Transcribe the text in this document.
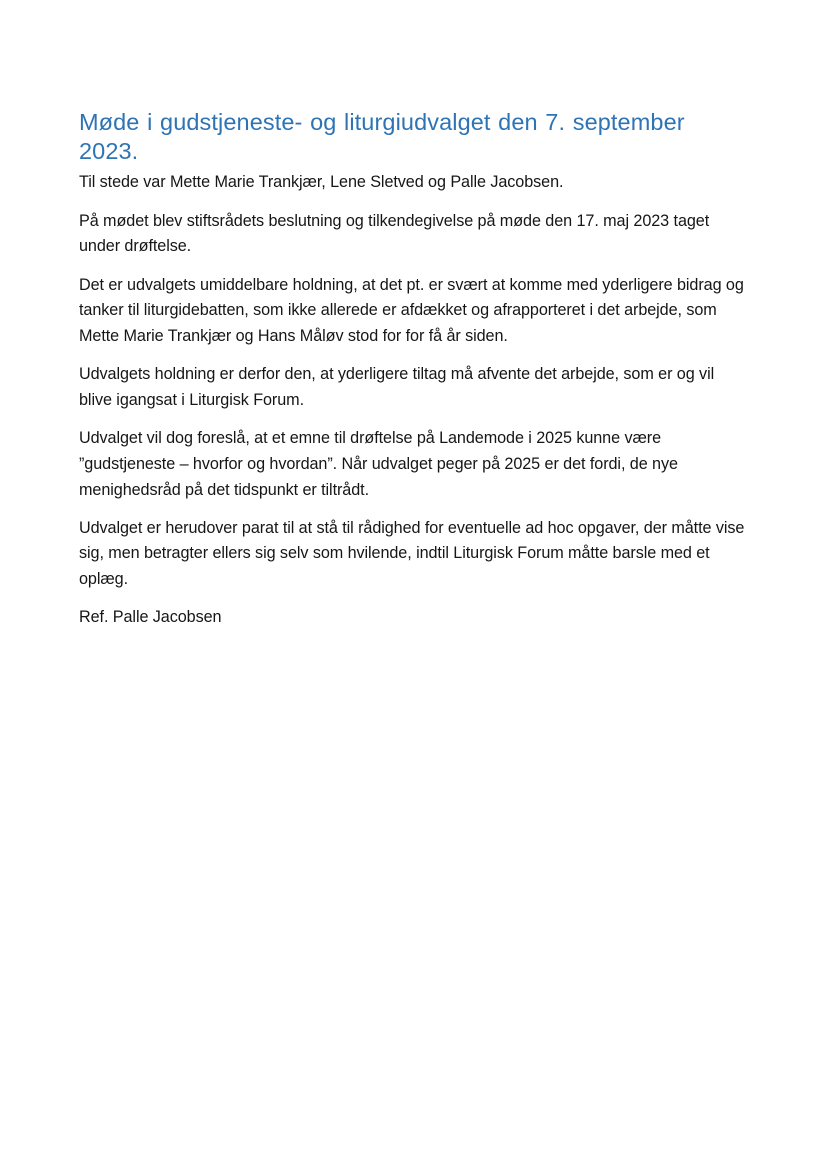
Møde i gudstjeneste- og liturgiudvalget den 7. september 2023.

Til stede var Mette Marie Trankjær, Lene Sletved og Palle Jacobsen.

På mødet blev stiftsrådets beslutning og tilkendegivelse på møde den 17. maj 2023 taget under drøftelse.

Det er udvalgets umiddelbare holdning, at det pt. er svært at komme med yderligere bidrag og tanker til liturgidebatten, som ikke allerede er afdækket og afrapporteret i det arbejde, som Mette Marie Trankjær og Hans Måløv stod for for få år siden.

Udvalgets holdning er derfor den, at yderligere tiltag må afvente det arbejde, som er og vil blive igangsat i Liturgisk Forum.

Udvalget vil dog foreslå, at et emne til drøftelse på Landemode i 2025 kunne være ”gudstjeneste – hvorfor og hvordan”. Når udvalget peger på 2025 er det fordi, de nye menighedsråd på det tidspunkt er tiltrådt.

Udvalget er herudover parat til at stå til rådighed for eventuelle ad hoc opgaver, der måtte vise sig, men betragter ellers sig selv som hvilende, indtil Liturgisk Forum måtte barsle med et oplæg.

Ref. Palle Jacobsen
